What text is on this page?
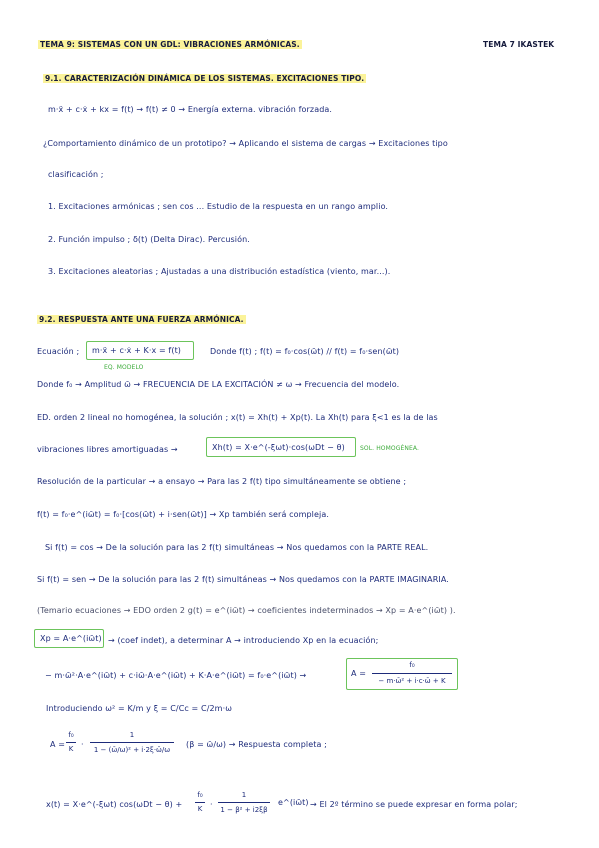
TEMA 9: SISTEMAS CON UN GDL: VIBRACIONES ARMÓNICAS.	TEMA 7 IKASTEK
9.1. CARACTERIZACIÓN DINÁMICA DE LOS SISTEMAS. EXCITACIONES TIPO.
m·ẍ + c·ẋ + kx = f(t) → f(t) ≠ 0 → Energía externa. vibración forzada.
¿Comportamiento dinámico de un prototipo? → Aplicando el sistema de cargas → Excitaciones tipo
clasificación ;
1. Excitaciones armónicas ; sen cos ... Estudio de la respuesta en un rango amplio.
2. Función impulso ; δ(t) (Delta Dirac). Percusión.
3. Excitaciones aleatorias ; Ajustadas a una distribución estadística (viento, mar...).
9.2. RESPUESTA ANTE UNA FUERZA ARMÓNICA.
Ecuación ; m·ẍ + c·ẋ + K·x = f(t)
EQ. MODELO
Donde f(t) ; f(t) = f₀·cos(ω̄t) // f(t) = f₀·sen(ω̄t)
Donde f₀ → Amplitud ω̄ → FRECUENCIA DE LA EXCITACIÓN ≠ ω → Frecuencia del modelo.
ED. orden 2 lineal no homogénea, la solución ; x(t) = Xh(t) + Xp(t). La Xh(t) para ξ<1 es la de las
vibraciones libres amortiguadas →	Xh(t) = X·e^(-ξωt)·cos(ωDt − θ)	SOL. HOMOGÉNEA.
Resolución de la particular → a ensayo → Para las 2 f(t) tipo simultáneamente se obtiene ;
f(t) = f₀·e^(iω̄t) = f₀·[cos(ω̄t) + i·sen(ω̄t)] → Xp también será compleja.
Si f(t) = cos → De la solución para las 2 f(t) simultáneas → Nos quedamos con la PARTE REAL.
Si f(t) = sen → De la solución para las 2 f(t) simultáneas → Nos quedamos con la PARTE IMAGINARIA.
(Temario ecuaciones → EDO orden 2 g(t) = e^(iω̄t) → coeficientes indeterminados → Xp = A·e^(iω̄t) ).
Xp = A·e^(iω̄t) → (coef indet), a determinar A → introduciendo Xp en la ecuación;
− m·ω̄²·A·e^(iω̄t) + c·iω̄·A·e^(iω̄t) + K·A·e^(iω̄t) = f₀·e^(iω̄t) →	A =
f₀
− m·ω̄² + i·c·ω̄ + K
Introduciendo ω² = K/m y ξ = C/Cc = C/2m·ω
A =
f₀
K ·
1
1 − (ω̄/ω)² + i·2ξ·ω̄/ω
(β = ω̄/ω) → Respuesta completa ;
x(t) = X·e^(-ξωt) cos(ωDt − θ) +
f₀
K ·
1
1 − β² + i2ξβ
e^(iω̄t) → El 2º término se puede expresar en forma polar;
